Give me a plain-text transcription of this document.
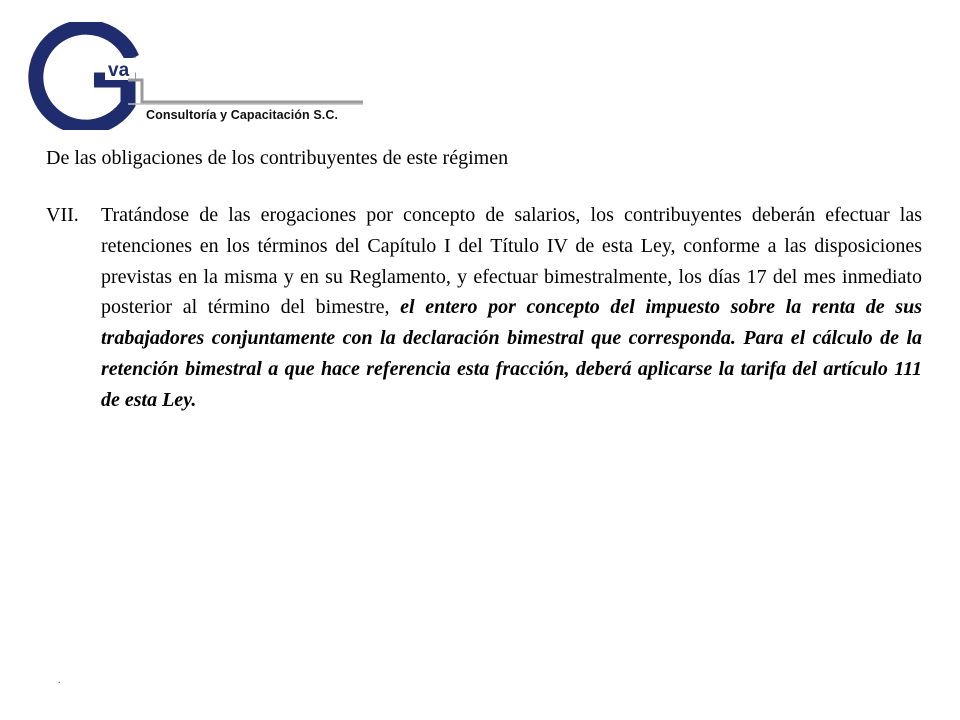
va
Consultoría y Capacitación S.C.
De las obligaciones de los contribuyentes de este régimen
VII. Tratándose de las erogaciones por concepto de salarios, los contribuyentes deberán efectuar las retenciones en los términos del Capítulo I del Título IV de esta Ley, conforme a las disposiciones previstas en la misma y en su Reglamento, y efectuar bimestralmente, los días 17 del mes inmediato posterior al término del bimestre, el entero por concepto del impuesto sobre la renta de sus trabajadores conjuntamente con la declaración bimestral que corresponda. Para el cálculo de la retención bimestral a que hace referencia esta fracción, deberá aplicarse la tarifa del artículo 111 de esta Ley.
.
